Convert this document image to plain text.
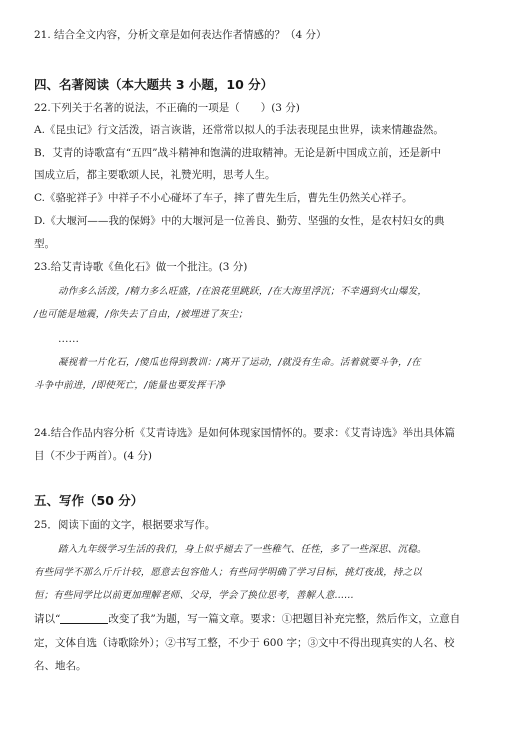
21. 结合全文内容，分析文章是如何表达作者情感的？（4 分）
四、名著阅读（本大题共 3 小题，10 分）
22.下列关于名著的说法，不正确的一项是（　　）(3 分)
A.《昆虫记》行文活泼，语言诙谐，还常常以拟人的手法表现昆虫世界，读来情趣盎然。
B．艾青的诗歌富有“五四”战斗精神和饱满的进取精神。无论是新中国成立前，还是新中
国成立后，都主要歌颂人民，礼赞光明，思考人生。
C.《骆驼祥子》中祥子不小心碰坏了车子，摔了曹先生后，曹先生仍然关心祥子。
D.《大堰河——我的保姆》中的大堰河是一位善良、勤劳、坚强的女性，是农村妇女的典
型。
23.给艾青诗歌《鱼化石》做一个批注。(3 分)
动作多么活泼，/精力多么旺盛，/在浪花里跳跃，/在大海里浮沉；不幸遇到火山爆发，
/也可能是地震，/你失去了自由，/被埋进了灰尘；
……
凝视着一片化石，/傻瓜也得到教训：/离开了运动，/就没有生命。活着就要斗争，/在
斗争中前进，/即使死亡，/能量也要发挥干净
24.结合作品内容分析《艾青诗选》是如何体现家国情怀的。要求：《艾青诗选》举出具体篇
目（不少于两首）。(4 分)
五、写作（50 分）
25．阅读下面的文字，根据要求写作。
踏入九年级学习生活的我们，身上似乎褪去了一些稚气、任性，多了一些深思、沉稳。
有些同学不那么斤斤计较，愿意去包容他人；有些同学明确了学习目标，挑灯夜战，持之以
恒；有些同学比以前更加理解老师、父母，学会了换位思考，善解人意……
请以“	改变了我”为题，写一篇文章。要求：①把题目补充完整，然后作文，立意自
定，文体自选（诗歌除外）；②书写工整，不少于 600 字；③文中不得出现真实的人名、校
名、地名。
